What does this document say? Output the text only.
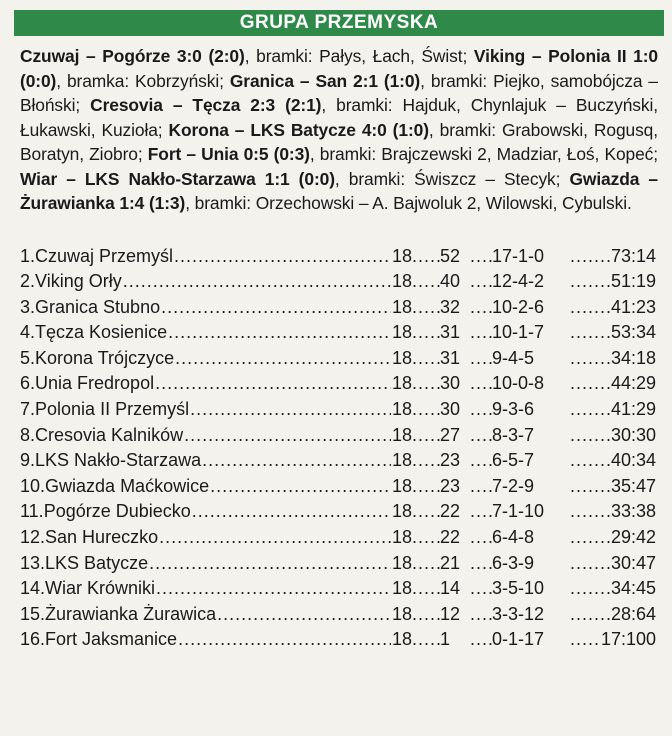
GRUPA PRZEMYSKA
Czuwaj – Pogórze 3:0 (2:0), bramki: Pałys, Łach, Świst; Viking – Polonia II 1:0 (0:0), bramka: Kobrzyński; Granica – San 2:1 (1:0), bramki: Piejko, samobójcza – Błoński; Cresovia – Tęcza 2:3 (2:1), bramki: Hajduk, Chynlajuk – Buczyński, Łukawski, Kuzioła; Korona – LKS Batycze 4:0 (1:0), bramki: Grabowski, Rogusq, Boratyn, Ziobro; Fort – Unia 0:5 (0:3), bramki: Brajczewski 2, Madziar, Łoś, Kopeć; Wiar – LKS Nakło-Starzawa 1:1 (0:0), bramki: Świszcz – Stecyk; Gwiazda – Żurawianka 1:4 (1:3), bramki: Orzechowski – A. Bajwoluk 2, Wilowski, Cybulski.
1. Czuwaj Przemyśl .....	18 ..... 52 .....	17-1-0 .....	73:14
2. Viking Orły .....	18 ..... 40 .....	12-4-2 .....	51:19
3. Granica Stubno .....	18 ..... 32 .....	10-2-6 .....	41:23
4. Tęcza Kosienice .....	18 ..... 31 .....	10-1-7 .....	53:34
5. Korona Trójczyce .....	18 ..... 31 .....	9-4-5 .....	34:18
6. Unia Fredropol .....	18 ..... 30 .....	10-0-8 .....	44:29
7. Polonia II Przemyśl .....	18 ..... 30 .....	9-3-6 .....	41:29
8. Cresovia Kalników .....	18 ..... 27 .....	8-3-7 .....	30:30
9. LKS Nakło-Starzawa .....	18 ..... 23 .....	6-5-7 .....	40:34
10. Gwiazda Maćkowice .....	18 ..... 23 .....	7-2-9 .....	35:47
11. Pogórze Dubiecko .....	18 ..... 22 .....	7-1-10 .....	33:38
12. San Hureczko .....	18 ..... 22 .....	6-4-8 .....	29:42
13. LKS Batycze .....	18 ..... 21 .....	6-3-9 .....	30:47
14. Wiar Krówniki .....	18 ..... 14 .....	3-5-10 .....	34:45
15. Żurawianka Żurawica .....	18 ..... 12 .....	3-3-12 .....	28:64
16. Fort Jaksmanice .....	18 ..... 1 .....	0-1-17 .....	17:100
